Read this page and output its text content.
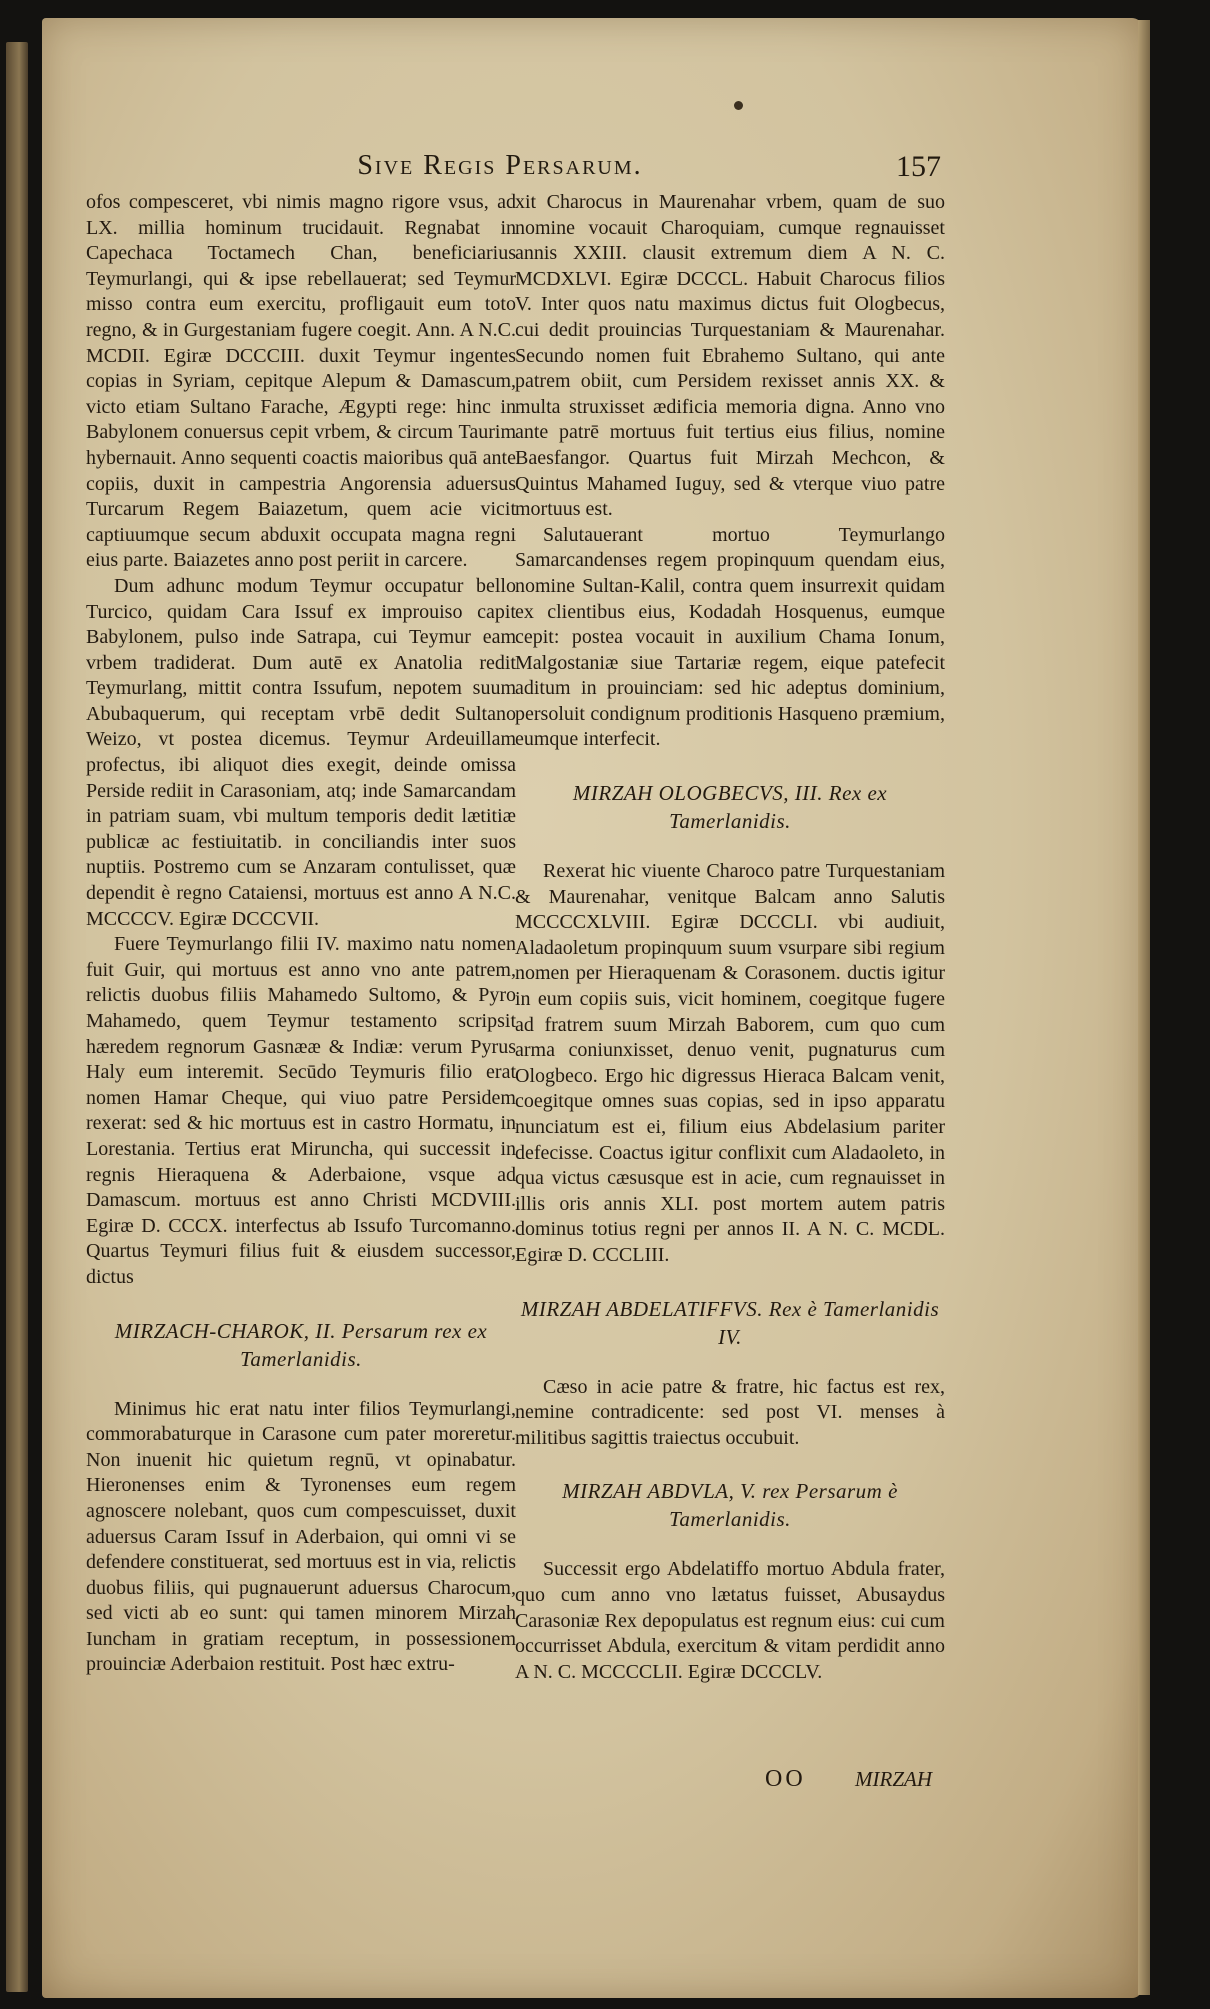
Sive Regis Persarum.	157

ofos compesceret, vbi nimis magno rigore vsus, ad LX. millia hominum trucidauit. Regnabat in Capechaca Toctamech Chan, beneficiarius Teymurlangi, qui & ipse rebellauerat; sed Teymur misso contra eum exercitu, profligauit eum toto regno, & in Gurgestaniam fugere coegit. Ann. A N.C. MCDII. Egiræ DCCCIII. duxit Teymur ingentes copias in Syriam, cepitque Alepum & Damascum, victo etiam Sultano Farache, Ægypti rege: hinc in Babylonem conuersus cepit vrbem, & circum Taurim hybernauit. Anno sequenti coactis maioribus quā ante copiis, duxit in campestria Angorensia aduersus Turcarum Regem Baiazetum, quem acie vicit captiuumque secum abduxit occupata magna regni eius parte. Baiazetes anno post periit in carcere.

Dum adhunc modum Teymur occupatur bello Turcico, quidam Cara Issuf ex improuiso capit Babylonem, pulso inde Satrapa, cui Teymur eam vrbem tradiderat. Dum autē ex Anatolia redit Teymurlang, mittit contra Issufum, nepotem suum Abubaquerum, qui receptam vrbē dedit Sultano Weizo, vt postea dicemus. Teymur Ardeuillam profectus, ibi aliquot dies exegit, deinde omissa Perside rediit in Carasoniam, atq; inde Samarcandam in patriam suam, vbi multum temporis dedit lætitiæ publicæ ac festiuitatib. in conciliandis inter suos nuptiis. Postremo cum se Anzaram contulisset, quæ dependit è regno Cataiensi, mortuus est anno A N.C. MCCCCV. Egiræ DCCCVII.

Fuere Teymurlango filii IV. maximo natu nomen fuit Guir, qui mortuus est anno vno ante patrem, relictis duobus filiis Mahamedo Sultomo, & Pyro Mahamedo, quem Teymur testamento scripsit hæredem regnorum Gasnææ & Indiæ: verum Pyrus Haly eum interemit. Secūdo Teymuris filio erat nomen Hamar Cheque, qui viuo patre Persidem rexerat: sed & hic mortuus est in castro Hormatu, in Lorestania. Tertius erat Miruncha, qui successit in regnis Hieraquena & Aderbaione, vsque ad Damascum. mortuus est anno Christi MCDVIII. Egiræ D. CCCX. interfectus ab Issufo Turcomanno. Quartus Teymuri filius fuit & eiusdem successor, dictus

MIRZACH-CHAROK, II. Persarum rex ex Tamerlanidis.

Minimus hic erat natu inter filios Teymurlangi, commorabaturque in Carasone cum pater moreretur. Non inuenit hic quietum regnū, vt opinabatur. Hieronenses enim & Tyronenses eum regem agnoscere nolebant, quos cum compescuisset, duxit aduersus Caram Issuf in Aderbaion, qui omni vi se defendere constituerat, sed mortuus est in via, relictis duobus filiis, qui pugnauerunt aduersus Charocum, sed victi ab eo sunt: qui tamen minorem Mirzah Iuncham in gratiam receptum, in possessionem prouinciæ Aderbaion restituit. Post hæc extru-

xit Charocus in Maurenahar vrbem, quam de suo nomine vocauit Charoquiam, cumque regnauisset annis XXIII. clausit extremum diem A N. C. MCDXLVI. Egiræ DCCCL. Habuit Charocus filios V. Inter quos natu maximus dictus fuit Ologbecus, cui dedit prouincias Turquestaniam & Maurenahar. Secundo nomen fuit Ebrahemo Sultano, qui ante patrem obiit, cum Persidem rexisset annis XX. & multa struxisset ædificia memoria digna. Anno vno ante patrē mortuus fuit tertius eius filius, nomine Baesfangor. Quartus fuit Mirzah Mechcon, & Quintus Mahamed Iuguy, sed & vterque viuo patre mortuus est.

Salutauerant mortuo Teymurlango Samarcandenses regem propinquum quendam eius, nomine Sultan-Kalil, contra quem insurrexit quidam ex clientibus eius, Kodadah Hosquenus, eumque cepit: postea vocauit in auxilium Chama Ionum, Malgostaniæ siue Tartariæ regem, eique patefecit aditum in prouinciam: sed hic adeptus dominium, persoluit condignum proditionis Hasqueno præmium, eumque interfecit.

MIRZAH OLOGBECVS, III. Rex ex Tamerlanidis.

Rexerat hic viuente Charoco patre Turquestaniam & Maurenahar, venitque Balcam anno Salutis MCCCCXLVIII. Egiræ DCCCLI. vbi audiuit, Aladaoletum propinquum suum vsurpare sibi regium nomen per Hieraquenam & Corasonem. ductis igitur in eum copiis suis, vicit hominem, coegitque fugere ad fratrem suum Mirzah Baborem, cum quo cum arma coniunxisset, denuo venit, pugnaturus cum Ologbeco. Ergo hic digressus Hieraca Balcam venit, coegitque omnes suas copias, sed in ipso apparatu nunciatum est ei, filium eius Abdelasium pariter defecisse. Coactus igitur conflixit cum Aladaoleto, in qua victus cæsusque est in acie, cum regnauisset in illis oris annis XLI. post mortem autem patris dominus totius regni per annos II. A N. C. MCDL. Egiræ D. CCCLIII.

MIRZAH ABDELATIFFVS. Rex è Tamerlanidis IV.

Cæso in acie patre & fratre, hic factus est rex, nemine contradicente: sed post VI. menses à militibus sagittis traiectus occubuit.

MIRZAH ABDVLA, V. rex Persarum è Tamerlanidis.

Successit ergo Abdelatiffo mortuo Abdula frater, quo cum anno vno lætatus fuisset, Abusaydus Carasoniæ Rex depopulatus est regnum eius: cui cum occurrisset Abdula, exercitum & vitam perdidit anno A N. C. MCCCCLII. Egiræ DCCCLV.

OO MIRZAH
